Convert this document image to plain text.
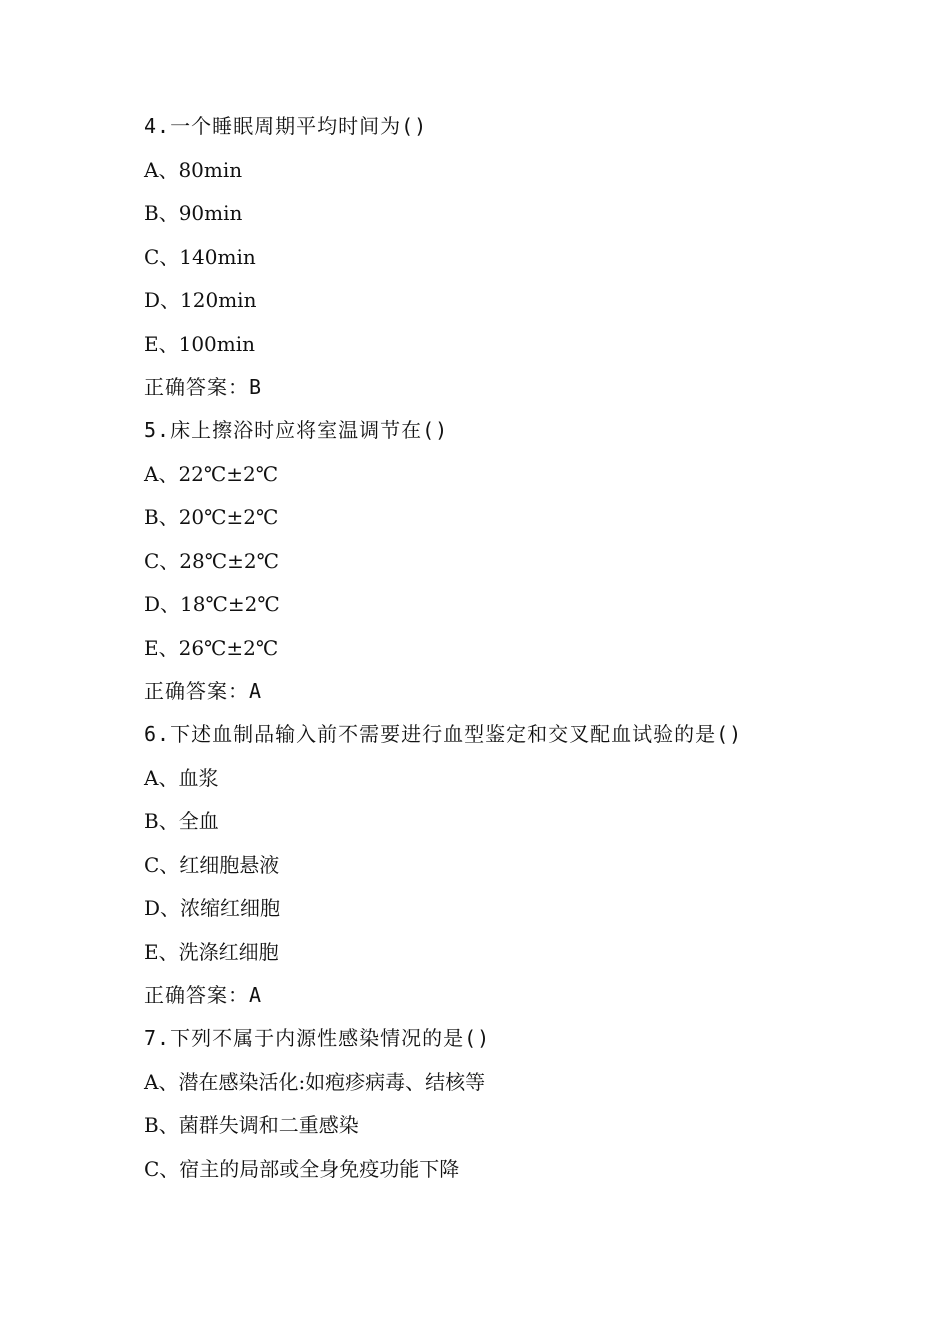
4.一个睡眠周期平均时间为()
A、80min
B、90min
C、140min
D、120min
E、100min
正确答案：B
5.床上擦浴时应将室温调节在()
A、22℃±2℃
B、20℃±2℃
C、28℃±2℃
D、18℃±2℃
E、26℃±2℃
正确答案：A
6.下述血制品输入前不需要进行血型鉴定和交叉配血试验的是()
A、血浆
B、全血
C、红细胞悬液
D、浓缩红细胞
E、洗涤红细胞
正确答案：A
7.下列不属于内源性感染情况的是()
A、潜在感染活化:如疱疹病毒、结核等
B、菌群失调和二重感染
C、宿主的局部或全身免疫功能下降
